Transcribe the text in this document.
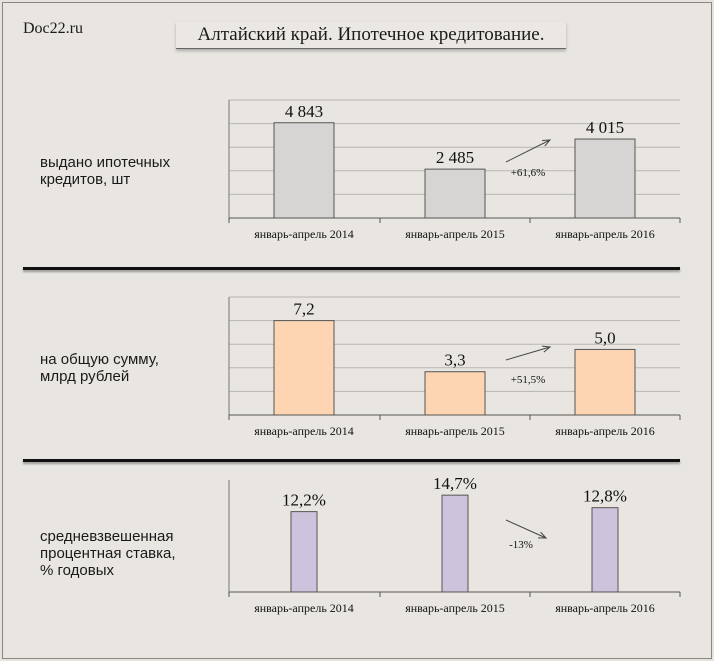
Doc22.ru	Алтайский край. Ипотечное кредитование.
выдано ипотечных
кредитов, шт
на общую сумму,
млрд рублей
средневзвешенная
процентная ставка,
% годовых
4 843
январь-апрель 2014
2 485
январь-апрель 2015
4 015
январь-апрель 2016
+61,6%
7,2
январь-апрель 2014
3,3
январь-апрель 2015
5,0
январь-апрель 2016
+51,5%
12,2%
январь-апрель 2014
14,7%
январь-апрель 2015
12,8%
январь-апрель 2016
-13%
